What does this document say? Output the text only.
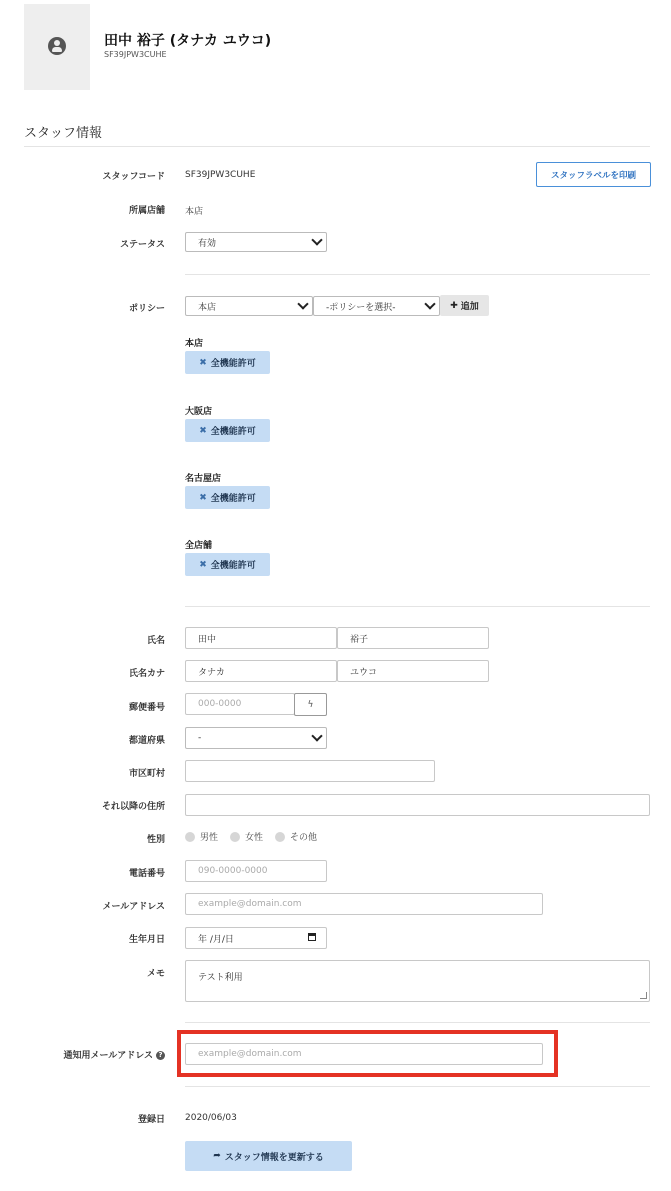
田中 裕子 (タナカ ユウコ)
SF39JPW3CUHE
スタッフ情報
スタッフコード SF39JPW3CUHE	スタッフラベルを印刷
所属店舗 本店
ステータス	有効
ポリシー	本店	-ポリシーを選択-	✚ 追加
本店
✖ 全機能許可
大阪店
✖ 全機能許可
名古屋店
✖ 全機能許可
全店舗
✖ 全機能許可
氏名	田中	裕子
氏名カナ	タナカ	ユウコ
郵便番号	000-0000	ϟ
都道府県	-
市区町村
それ以降の住所
性別	男性	女性	その他
電話番号	090-0000-0000
メールアドレス	example@domain.com
生年月日	年 /月/日
メモ	テスト利用
通知用メールアドレス ?	example@domain.com
登録日 2020/06/03
➦ スタッフ情報を更新する
